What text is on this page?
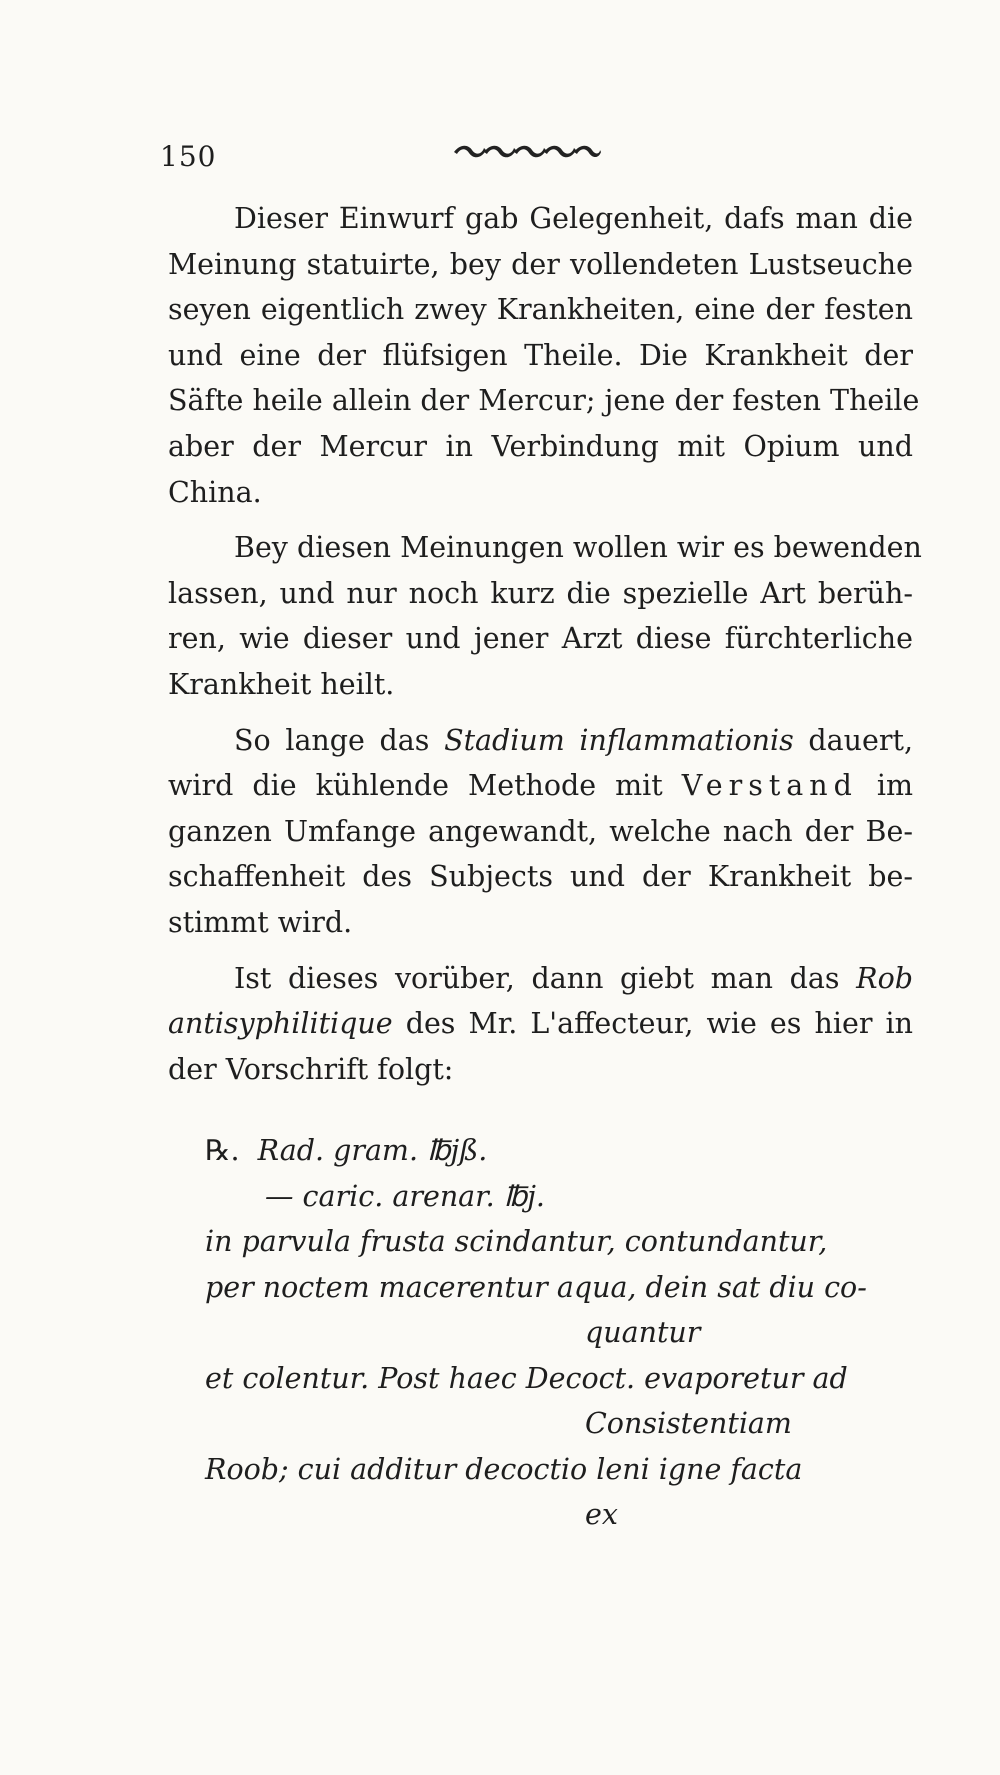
150

Dieser Einwurf gab Gelegenheit, dafs man die
Meinung statuirte, bey der vollendeten Lustseuche
seyen eigentlich zwey Krankheiten, eine der festen
und eine der flüfsigen Theile. Die Krankheit der
Säfte heile allein der Mercur; jene der festen Theile
aber der Mercur in Verbindung mit Opium und
China.

Bey diesen Meinungen wollen wir es bewenden
lassen, und nur noch kurz die spezielle Art berüh-
ren, wie dieser und jener Arzt diese fürchterliche
Krankheit heilt.

So lange das Stadium inflammationis dauert,
wird die kühlende Methode mit Verstand im
ganzen Umfange angewandt, welche nach der Be-
schaffenheit des Subjects und der Krankheit be-
stimmt wird.

Ist dieses vorüber, dann giebt man das Rob
antisyphilitique des Mr. L'affecteur, wie es hier in
der Vorschrift folgt:

℞. Rad. gram. ℔jß.
— caric. arenar. ℔j.
in parvula frusta scindantur, contundantur,
per noctem macerentur aqua, dein sat diu co-
quantur
et colentur. Post haec Decoct. evaporetur ad
Consistentiam
Roob; cui additur decoctio leni igne facta
ex
